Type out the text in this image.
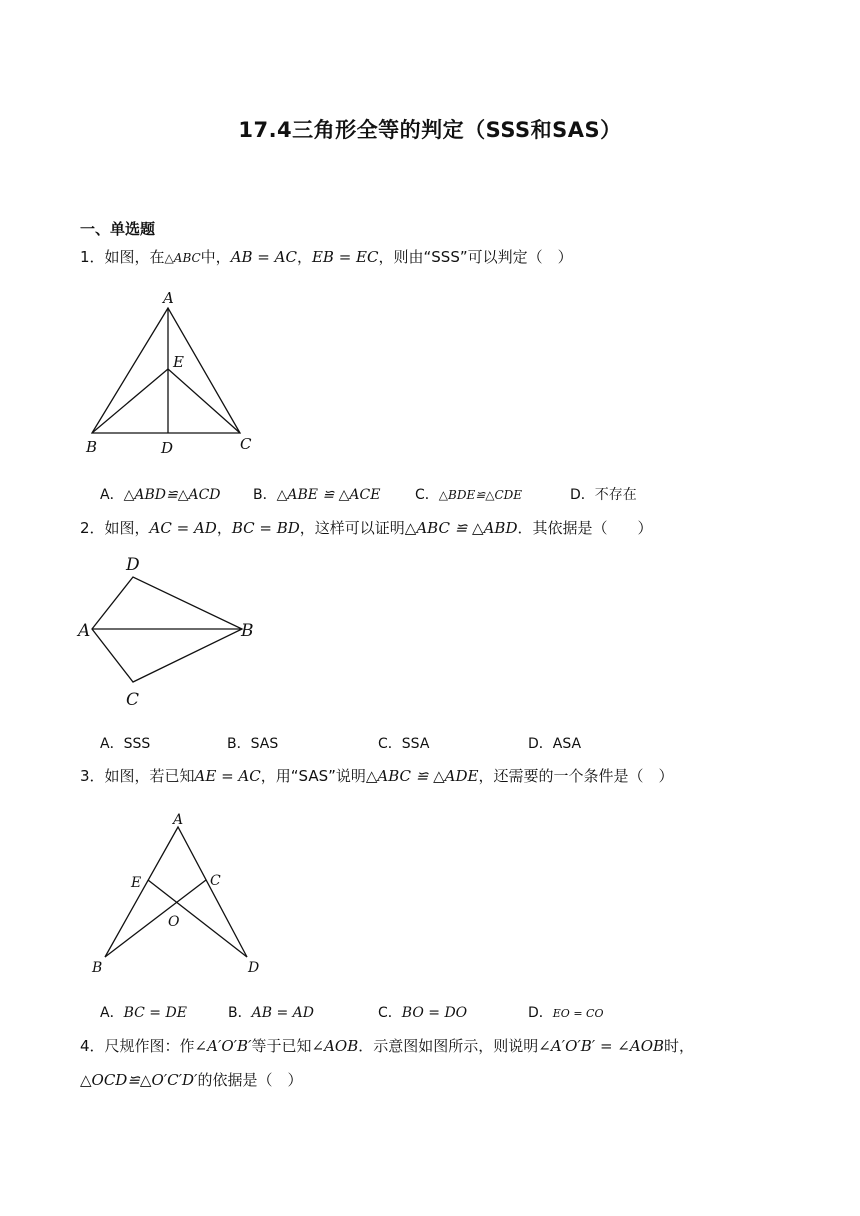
17.4三角形全等的判定（SSS和SAS）
一、单选题
1．如图，在△ABC中，AB = AC，EB = EC，则由“SSS”可以判定（　）
A
E
B	D	C
A．△ABD≌△ACD B．△ABE ≌ △ACE C．△BDE≌△CDE	D．不存在
2．如图，AC = AD，BC = BD，这样可以证明△ABC ≌ △ABD．其依据是（　　）
D
A	B
C
A．SSS	B．SAS	C．SSA	D．ASA
3．如图，若已知AE = AC，用“SAS”说明△ABC ≌ △ADE，还需要的一个条件是（　）
A
E	C
O
B	D
A．BC = DE	B．AB = AD	C．BO = DO	D．EO = CO
4．尺规作图：作∠A′O′B′等于已知∠AOB．示意图如图所示，则说明∠A′O′B′ = ∠AOB时，
△OCD≌△O′C′D′的依据是（　）
